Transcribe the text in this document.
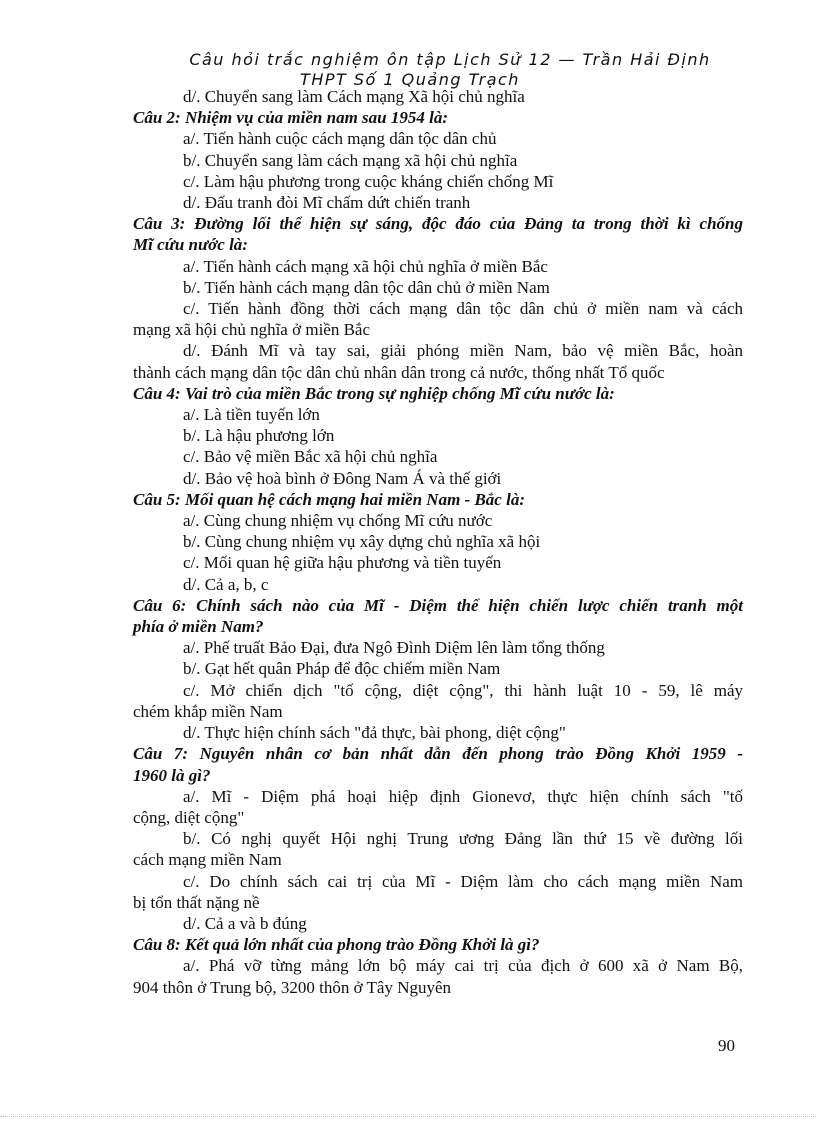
Câu hỏi trắc nghiệm ôn tập Lịch Sử 12 — Trần Hải Định
THPT Số 1 Quảng Trạch
d/. Chuyển sang làm Cách mạng Xã hội chủ nghĩa
Câu 2: Nhiệm vụ của miền nam sau 1954 là:
a/. Tiến hành cuộc cách mạng dân tộc dân chủ
b/. Chuyển sang làm cách mạng xã hội chủ nghĩa
c/. Làm hậu phương trong cuộc kháng chiến chống Mĩ
d/. Đấu tranh đòi Mĩ chấm dứt chiến tranh
Câu 3: Đường lối thể hiện sự sáng, độc đáo của Đảng ta trong thời kì chống
Mĩ cứu nước là:
a/. Tiến hành cách mạng xã hội chủ nghĩa ở miền Bắc
b/. Tiến hành cách mạng dân tộc dân chủ ở miền Nam
c/. Tiến hành đồng thời cách mạng dân tộc dân chủ ở miền nam và cách
mạng xã hội chủ nghĩa ở miền Bắc
d/. Đánh Mĩ và tay sai, giải phóng miền Nam, bảo vệ miền Bắc, hoàn
thành cách mạng dân tộc dân chủ nhân dân trong cả nước, thống nhất Tổ quốc
Câu 4: Vai trò của miền Bắc trong sự nghiệp chống Mĩ cứu nước là:
a/. Là tiền tuyến lớn
b/. Là hậu phương lớn
c/. Bảo vệ miền Bắc xã hội chủ nghĩa
d/. Bảo vệ hoà bình ở Đông Nam Á và thế giới
Câu 5: Mối quan hệ cách mạng hai miền Nam - Bắc là:
a/. Cùng chung nhiệm vụ chống Mĩ cứu nước
b/. Cùng chung nhiệm vụ xây dựng chủ nghĩa xã hội
c/. Mối quan hệ giữa hậu phương và tiền tuyến
d/. Cả a, b, c
Câu 6: Chính sách nào của Mĩ - Diệm thể hiện chiến lược chiến tranh một
phía ở miền Nam?
a/. Phế truất Bảo Đại, đưa Ngô Đình Diệm lên làm tổng thống
b/. Gạt hết quân Pháp để độc chiếm miền Nam
c/. Mở chiến dịch "tố cộng, diệt cộng", thi hành luật 10 - 59, lê máy
chém khắp miền Nam
d/. Thực hiện chính sách "đả thực, bài phong, diệt cộng"
Câu 7: Nguyên nhân cơ bản nhất dẫn đến phong trào Đồng Khởi 1959 -
1960 là gì?
a/. Mĩ - Diệm phá hoại hiệp định Gionevơ, thực hiện chính sách "tố
cộng, diệt cộng"
b/. Có nghị quyết Hội nghị Trung ương Đảng lần thứ 15 về đường lối
cách mạng miền Nam
c/. Do chính sách cai trị của Mĩ - Diệm làm cho cách mạng miền Nam
bị tổn thất nặng nề
d/. Cả a và b đúng
Câu 8: Kết quả lớn nhất của phong trào Đồng Khởi là gì?
a/. Phá vỡ từng mảng lớn bộ máy cai trị của địch ở 600 xã ở Nam Bộ,
904 thôn ở Trung bộ, 3200 thôn ở Tây Nguyên
90
